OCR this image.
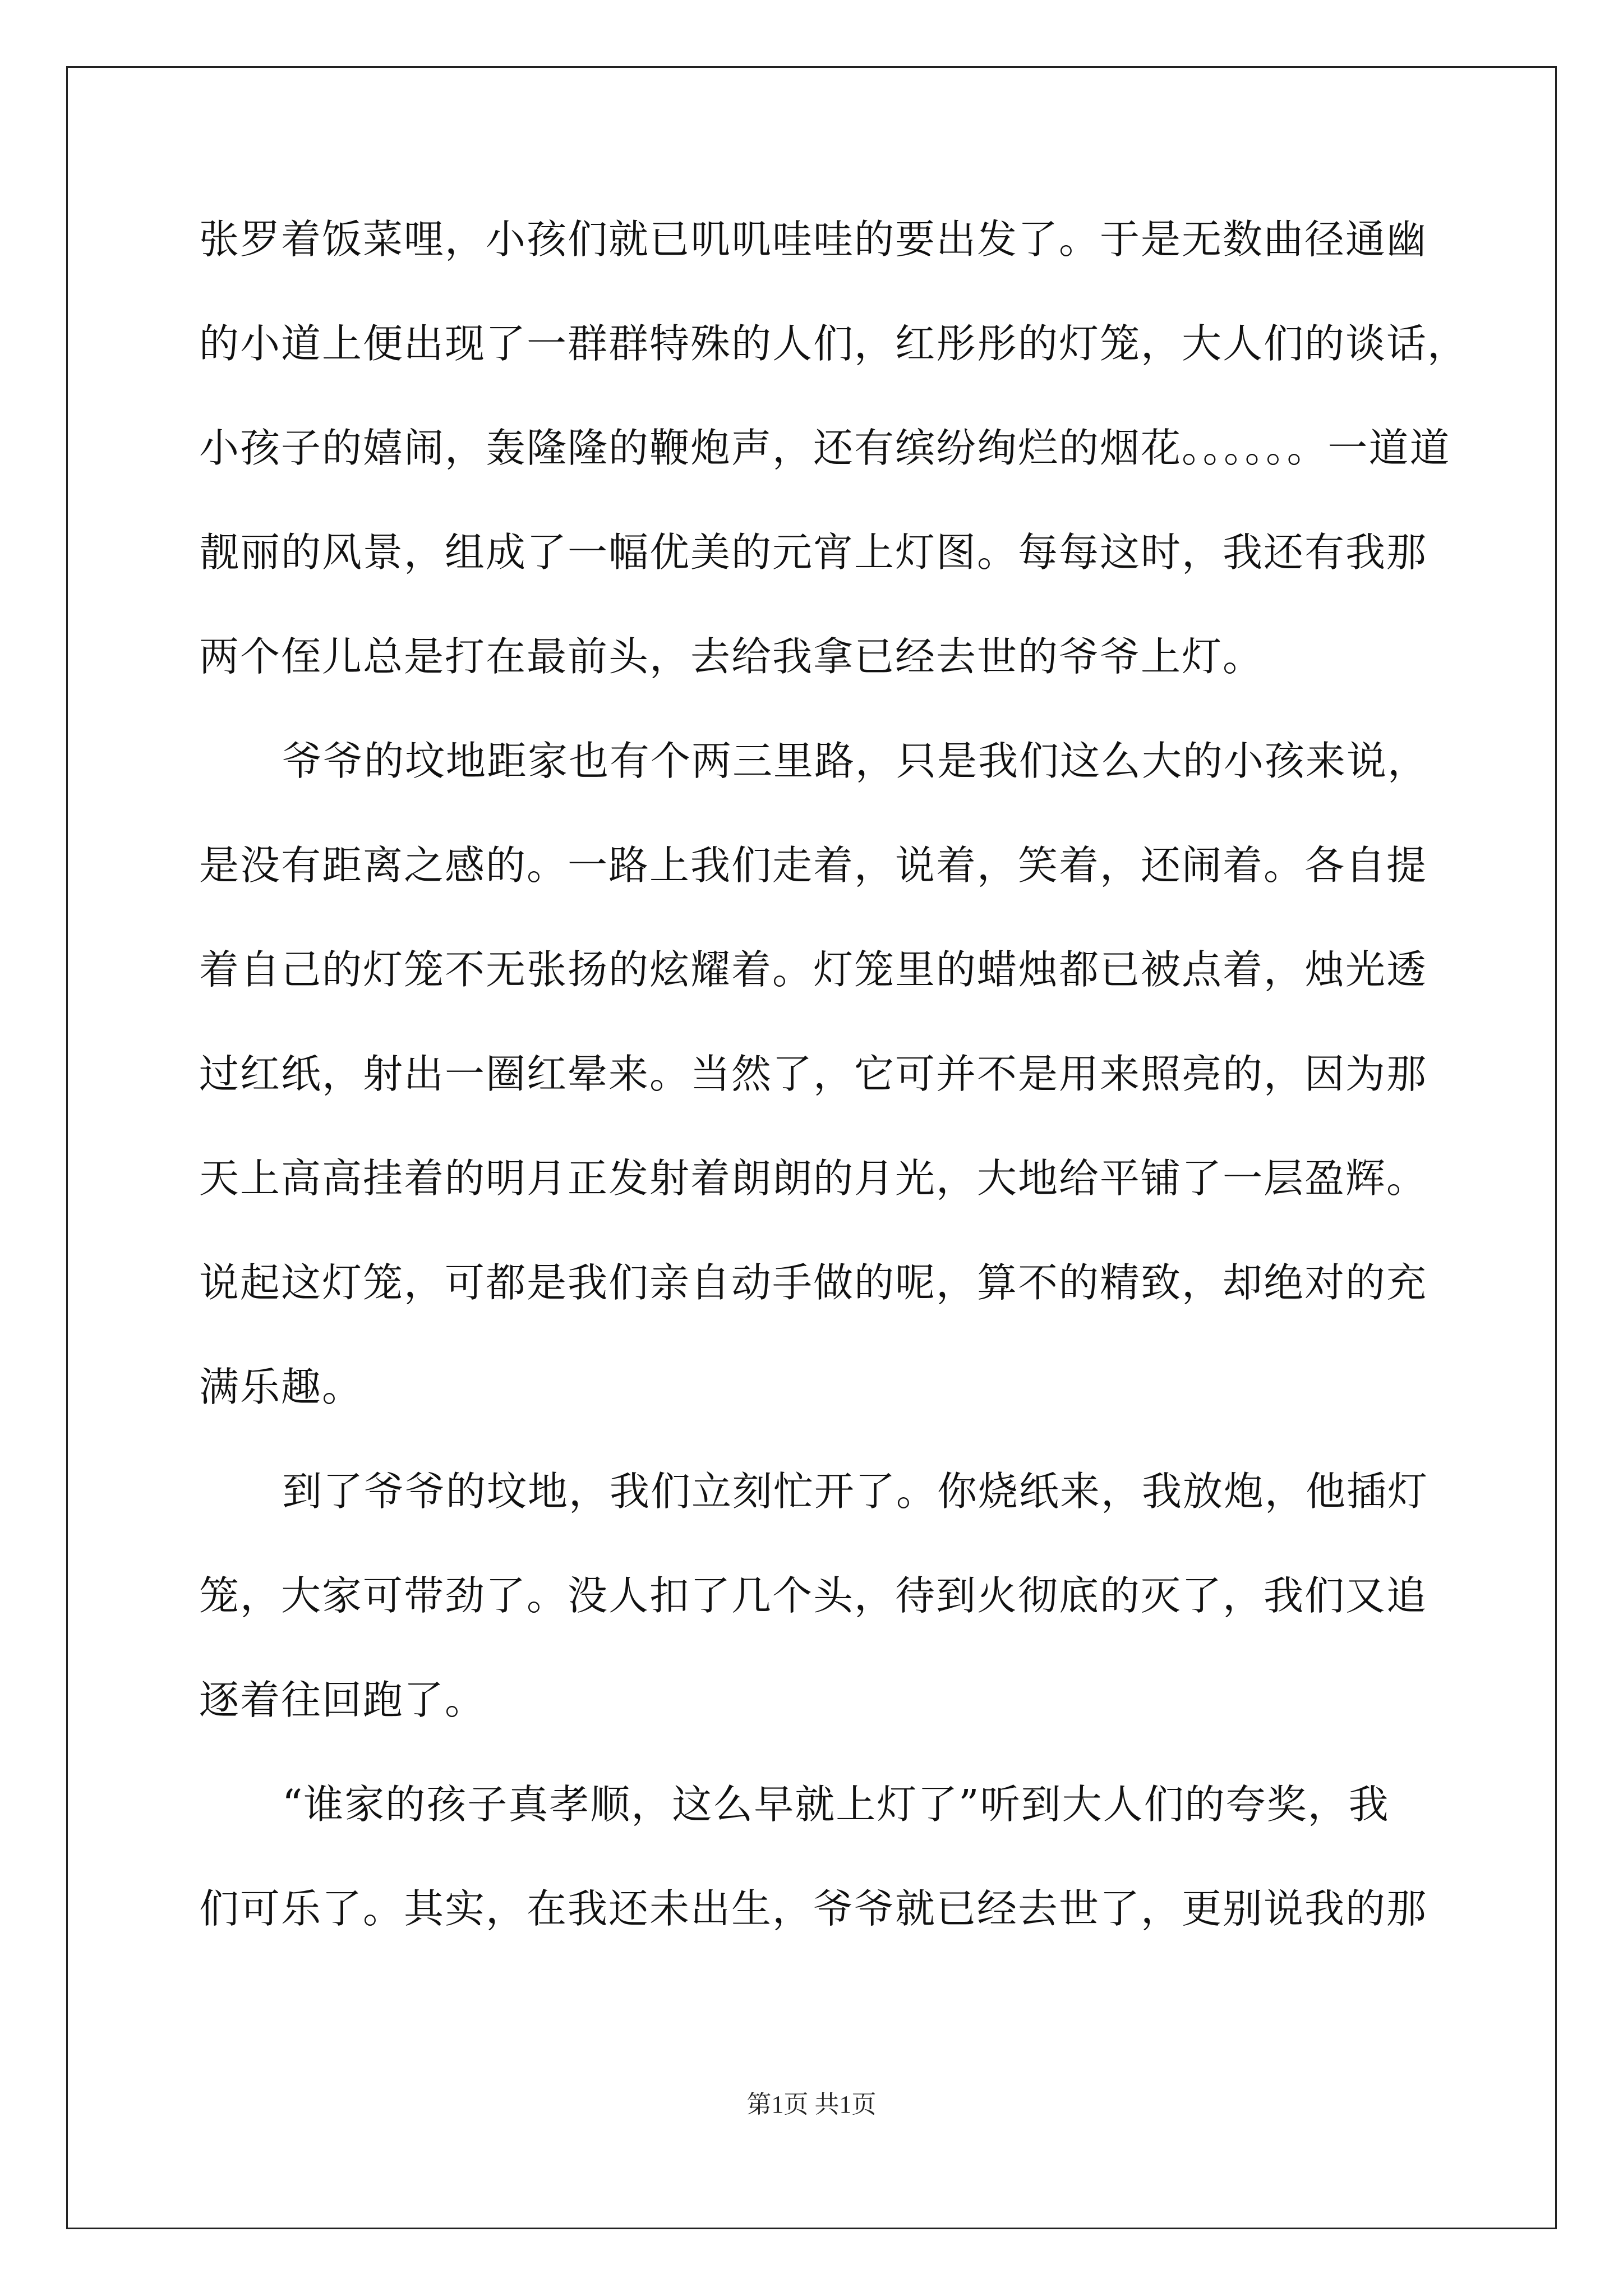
张罗着饭菜哩，小孩们就已叽叽哇哇的要出发了。于是无数曲径通幽
的小道上便出现了一群群特殊的人们，红彤彤的灯笼，大人们的谈话，
小孩子的嬉闹，轰隆隆的鞭炮声，还有缤纷绚烂的烟花。。。。。。一道道
靓丽的风景，组成了一幅优美的元宵上灯图。每每这时，我还有我那
两个侄儿总是打在最前头，去给我拿已经去世的爷爷上灯。
爷爷的坟地距家也有个两三里路，只是我们这么大的小孩来说，
是没有距离之感的。一路上我们走着，说着，笑着，还闹着。各自提
着自己的灯笼不无张扬的炫耀着。灯笼里的蜡烛都已被点着，烛光透
过红纸，射出一圈红晕来。当然了，它可并不是用来照亮的，因为那
天上高高挂着的明月正发射着朗朗的月光，大地给平铺了一层盈辉。
说起这灯笼，可都是我们亲自动手做的呢，算不的精致，却绝对的充
满乐趣。
到了爷爷的坟地，我们立刻忙开了。你烧纸来，我放炮，他插灯
笼，大家可带劲了。没人扣了几个头，待到火彻底的灭了，我们又追
逐着往回跑了。
“谁家的孩子真孝顺，这么早就上灯了”听到大人们的夸奖，我
们可乐了。其实，在我还未出生，爷爷就已经去世了，更别说我的那
第1页 共1页
